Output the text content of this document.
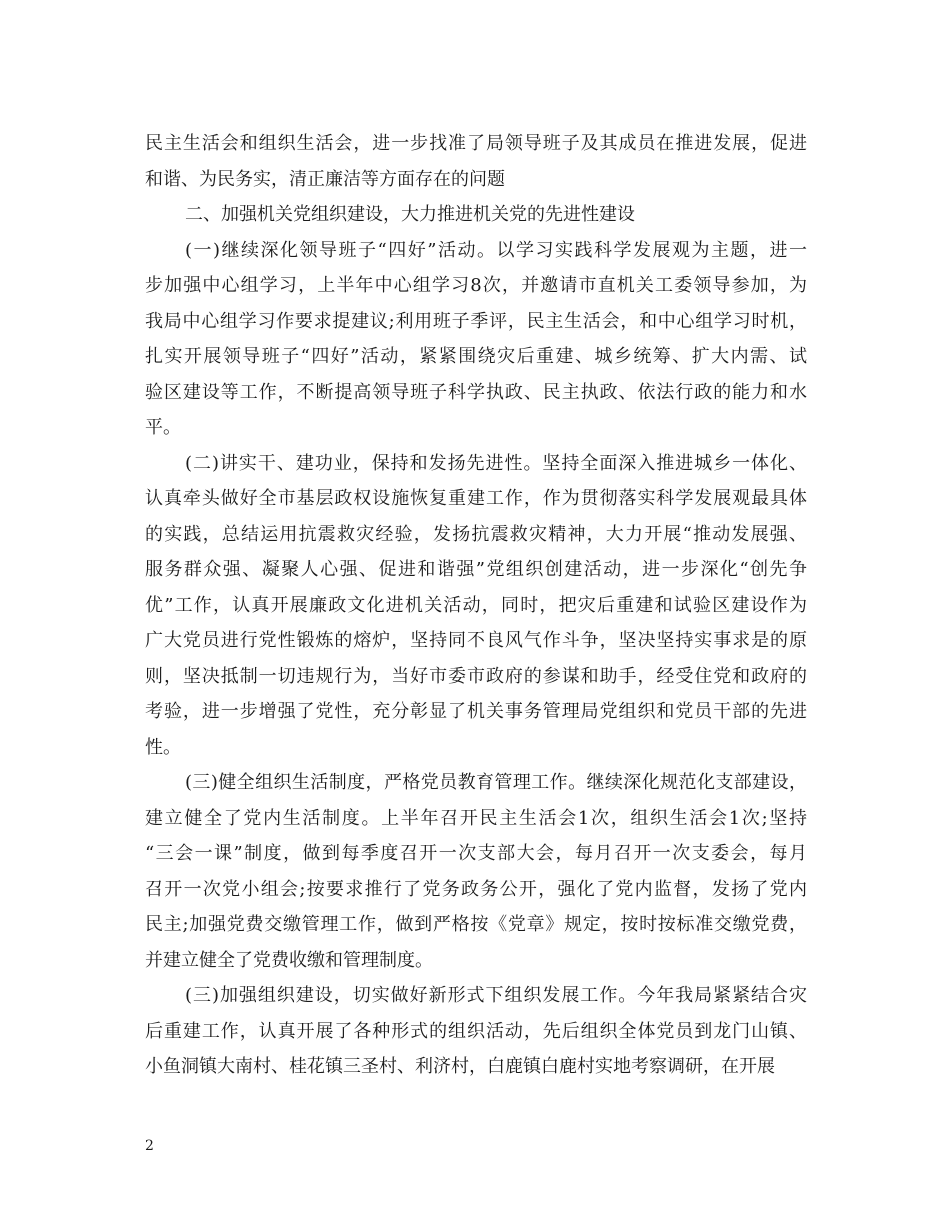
民主生活会和组织生活会，进一步找准了局领导班子及其成员在推进发展，促进
和谐、为民务实，清正廉洁等方面存在的问题

二、加强机关党组织建设，大力推进机关党的先进性建设

(一)继续深化领导班子“四好”活动。以学习实践科学发展观为主题，进一
步加强中心组学习，上半年中心组学习8次，并邀请市直机关工委领导参加，为
我局中心组学习作要求提建议;利用班子季评，民主生活会，和中心组学习时机，
扎实开展领导班子“四好”活动，紧紧围绕灾后重建、城乡统筹、扩大内需、试
验区建设等工作，不断提高领导班子科学执政、民主执政、依法行政的能力和水
平。

(二)讲实干、建功业，保持和发扬先进性。坚持全面深入推进城乡一体化、
认真牵头做好全市基层政权设施恢复重建工作，作为贯彻落实科学发展观最具体
的实践，总结运用抗震救灾经验，发扬抗震救灾精神，大力开展“推动发展强、
服务群众强、凝聚人心强、促进和谐强”党组织创建活动，进一步深化“创先争
优”工作，认真开展廉政文化进机关活动，同时，把灾后重建和试验区建设作为
广大党员进行党性锻炼的熔炉，坚持同不良风气作斗争，坚决坚持实事求是的原
则，坚决抵制一切违规行为，当好市委市政府的参谋和助手，经受住党和政府的
考验，进一步增强了党性，充分彰显了机关事务管理局党组织和党员干部的先进
性。

(三)健全组织生活制度，严格党员教育管理工作。继续深化规范化支部建设，
建立健全了党内生活制度。上半年召开民主生活会1次，组织生活会1次;坚持
“三会一课”制度，做到每季度召开一次支部大会，每月召开一次支委会，每月
召开一次党小组会;按要求推行了党务政务公开，强化了党内监督，发扬了党内
民主;加强党费交缴管理工作，做到严格按《党章》规定，按时按标准交缴党费，
并建立健全了党费收缴和管理制度。

(三)加强组织建设，切实做好新形式下组织发展工作。今年我局紧紧结合灾
后重建工作，认真开展了各种形式的组织活动，先后组织全体党员到龙门山镇、
小鱼洞镇大南村、桂花镇三圣村、利济村，白鹿镇白鹿村实地考察调研，在开展

2
